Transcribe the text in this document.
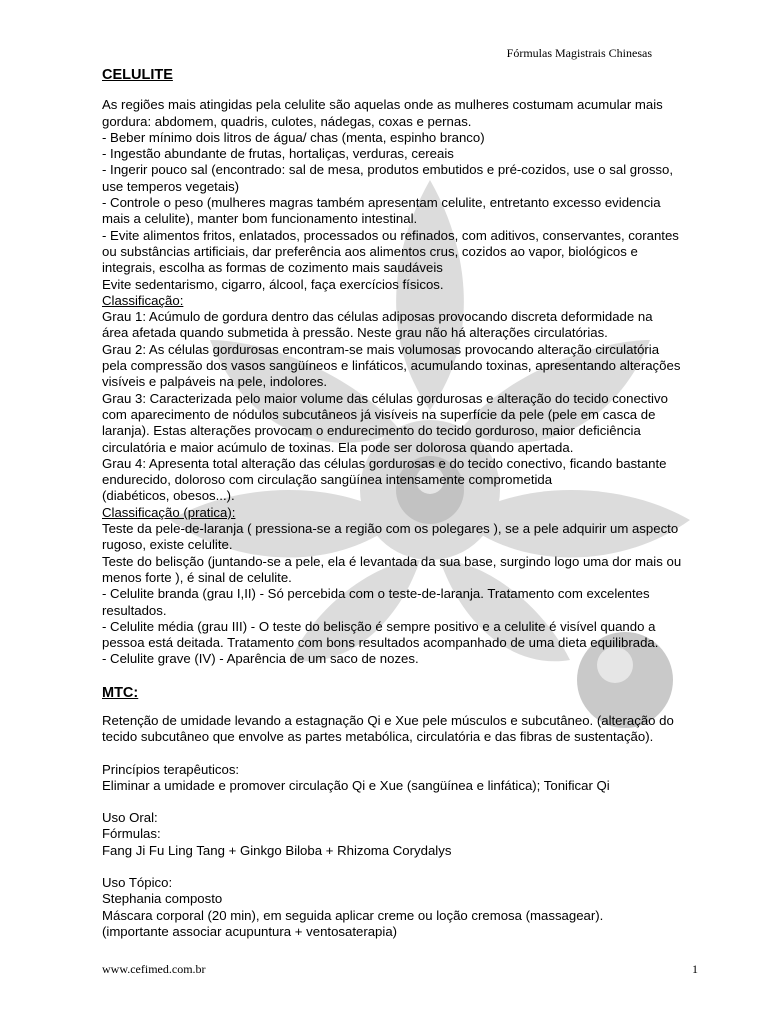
Fórmulas Magistrais Chinesas

CELULITE

As regiões mais atingidas pela celulite são aquelas onde as mulheres costumam acumular mais gordura: abdomem, quadris, culotes, nádegas, coxas e pernas.

- Beber mínimo dois litros de água/ chas (menta, espinho branco)

- Ingestão abundante de frutas, hortaliças, verduras, cereais

- Ingerir pouco sal (encontrado: sal de mesa, produtos embutidos e pré-cozidos, use o sal grosso, use temperos vegetais)

- Controle o peso (mulheres magras também apresentam celulite, entretanto excesso evidencia mais a celulite), manter bom funcionamento intestinal.

- Evite alimentos fritos, enlatados, processados ou refinados, com aditivos, conservantes, corantes ou substâncias artificiais, dar preferência aos alimentos crus, cozidos ao vapor, biológicos e integrais, escolha as formas de cozimento mais saudáveis

Evite sedentarismo, cigarro, álcool, faça exercícios físicos.

Classificação:

Grau 1: Acúmulo de gordura dentro das células adiposas provocando discreta deformidade na área afetada quando submetida à pressão. Neste grau não há alterações circulatórias.

Grau 2: As células gordurosas encontram-se mais volumosas provocando alteração circulatória pela compressão dos vasos sangüíneos e linfáticos, acumulando toxinas, apresentando alterações visíveis e palpáveis na pele, indolores.

Grau 3: Caracterizada pelo maior volume das células gordurosas e alteração do tecido conectivo com aparecimento de nódulos subcutâneos já visíveis na superfície da pele (pele em casca de laranja). Estas alterações provocam o endurecimento do tecido gorduroso, maior deficiência circulatória e maior acúmulo de toxinas. Ela pode ser dolorosa quando apertada.

Grau 4: Apresenta total alteração das células gordurosas e do tecido conectivo, ficando bastante endurecido, doloroso com circulação sangüínea intensamente comprometida

(diabéticos, obesos...).

Classificação (pratica):

Teste da pele-de-laranja ( pressiona-se a região com os polegares ), se a pele adquirir um aspecto rugoso, existe celulite.

Teste do belisção (juntando-se a pele, ela é levantada da sua base, surgindo logo uma dor mais ou menos forte ), é sinal de celulite.

- Celulite branda (grau I,II) - Só percebida com o teste-de-laranja. Tratamento com excelentes resultados.

- Celulite média (grau III) - O teste do belisção é sempre positivo e a celulite é visível quando a pessoa está deitada. Tratamento com bons resultados acompanhado de uma dieta equilibrada.

- Celulite grave (IV) - Aparência de um saco de nozes.

MTC:

Retenção de umidade levando a estagnação Qi e Xue pele músculos e subcutâneo. (alteração do tecido subcutâneo que envolve as partes metabólica, circulatória e das fibras de sustentação).

Princípios terapêuticos:

Eliminar a umidade e promover circulação Qi e Xue (sangüínea e linfática); Tonificar Qi

Uso Oral:

Fórmulas:

Fang Ji Fu Ling Tang + Ginkgo Biloba + Rhizoma Corydalys

Uso Tópico:

Stephania composto

Máscara corporal (20 min), em seguida aplicar creme ou loção cremosa (massagear).

(importante associar acupuntura + ventosaterapia)

www.cefimed.com.br	1
